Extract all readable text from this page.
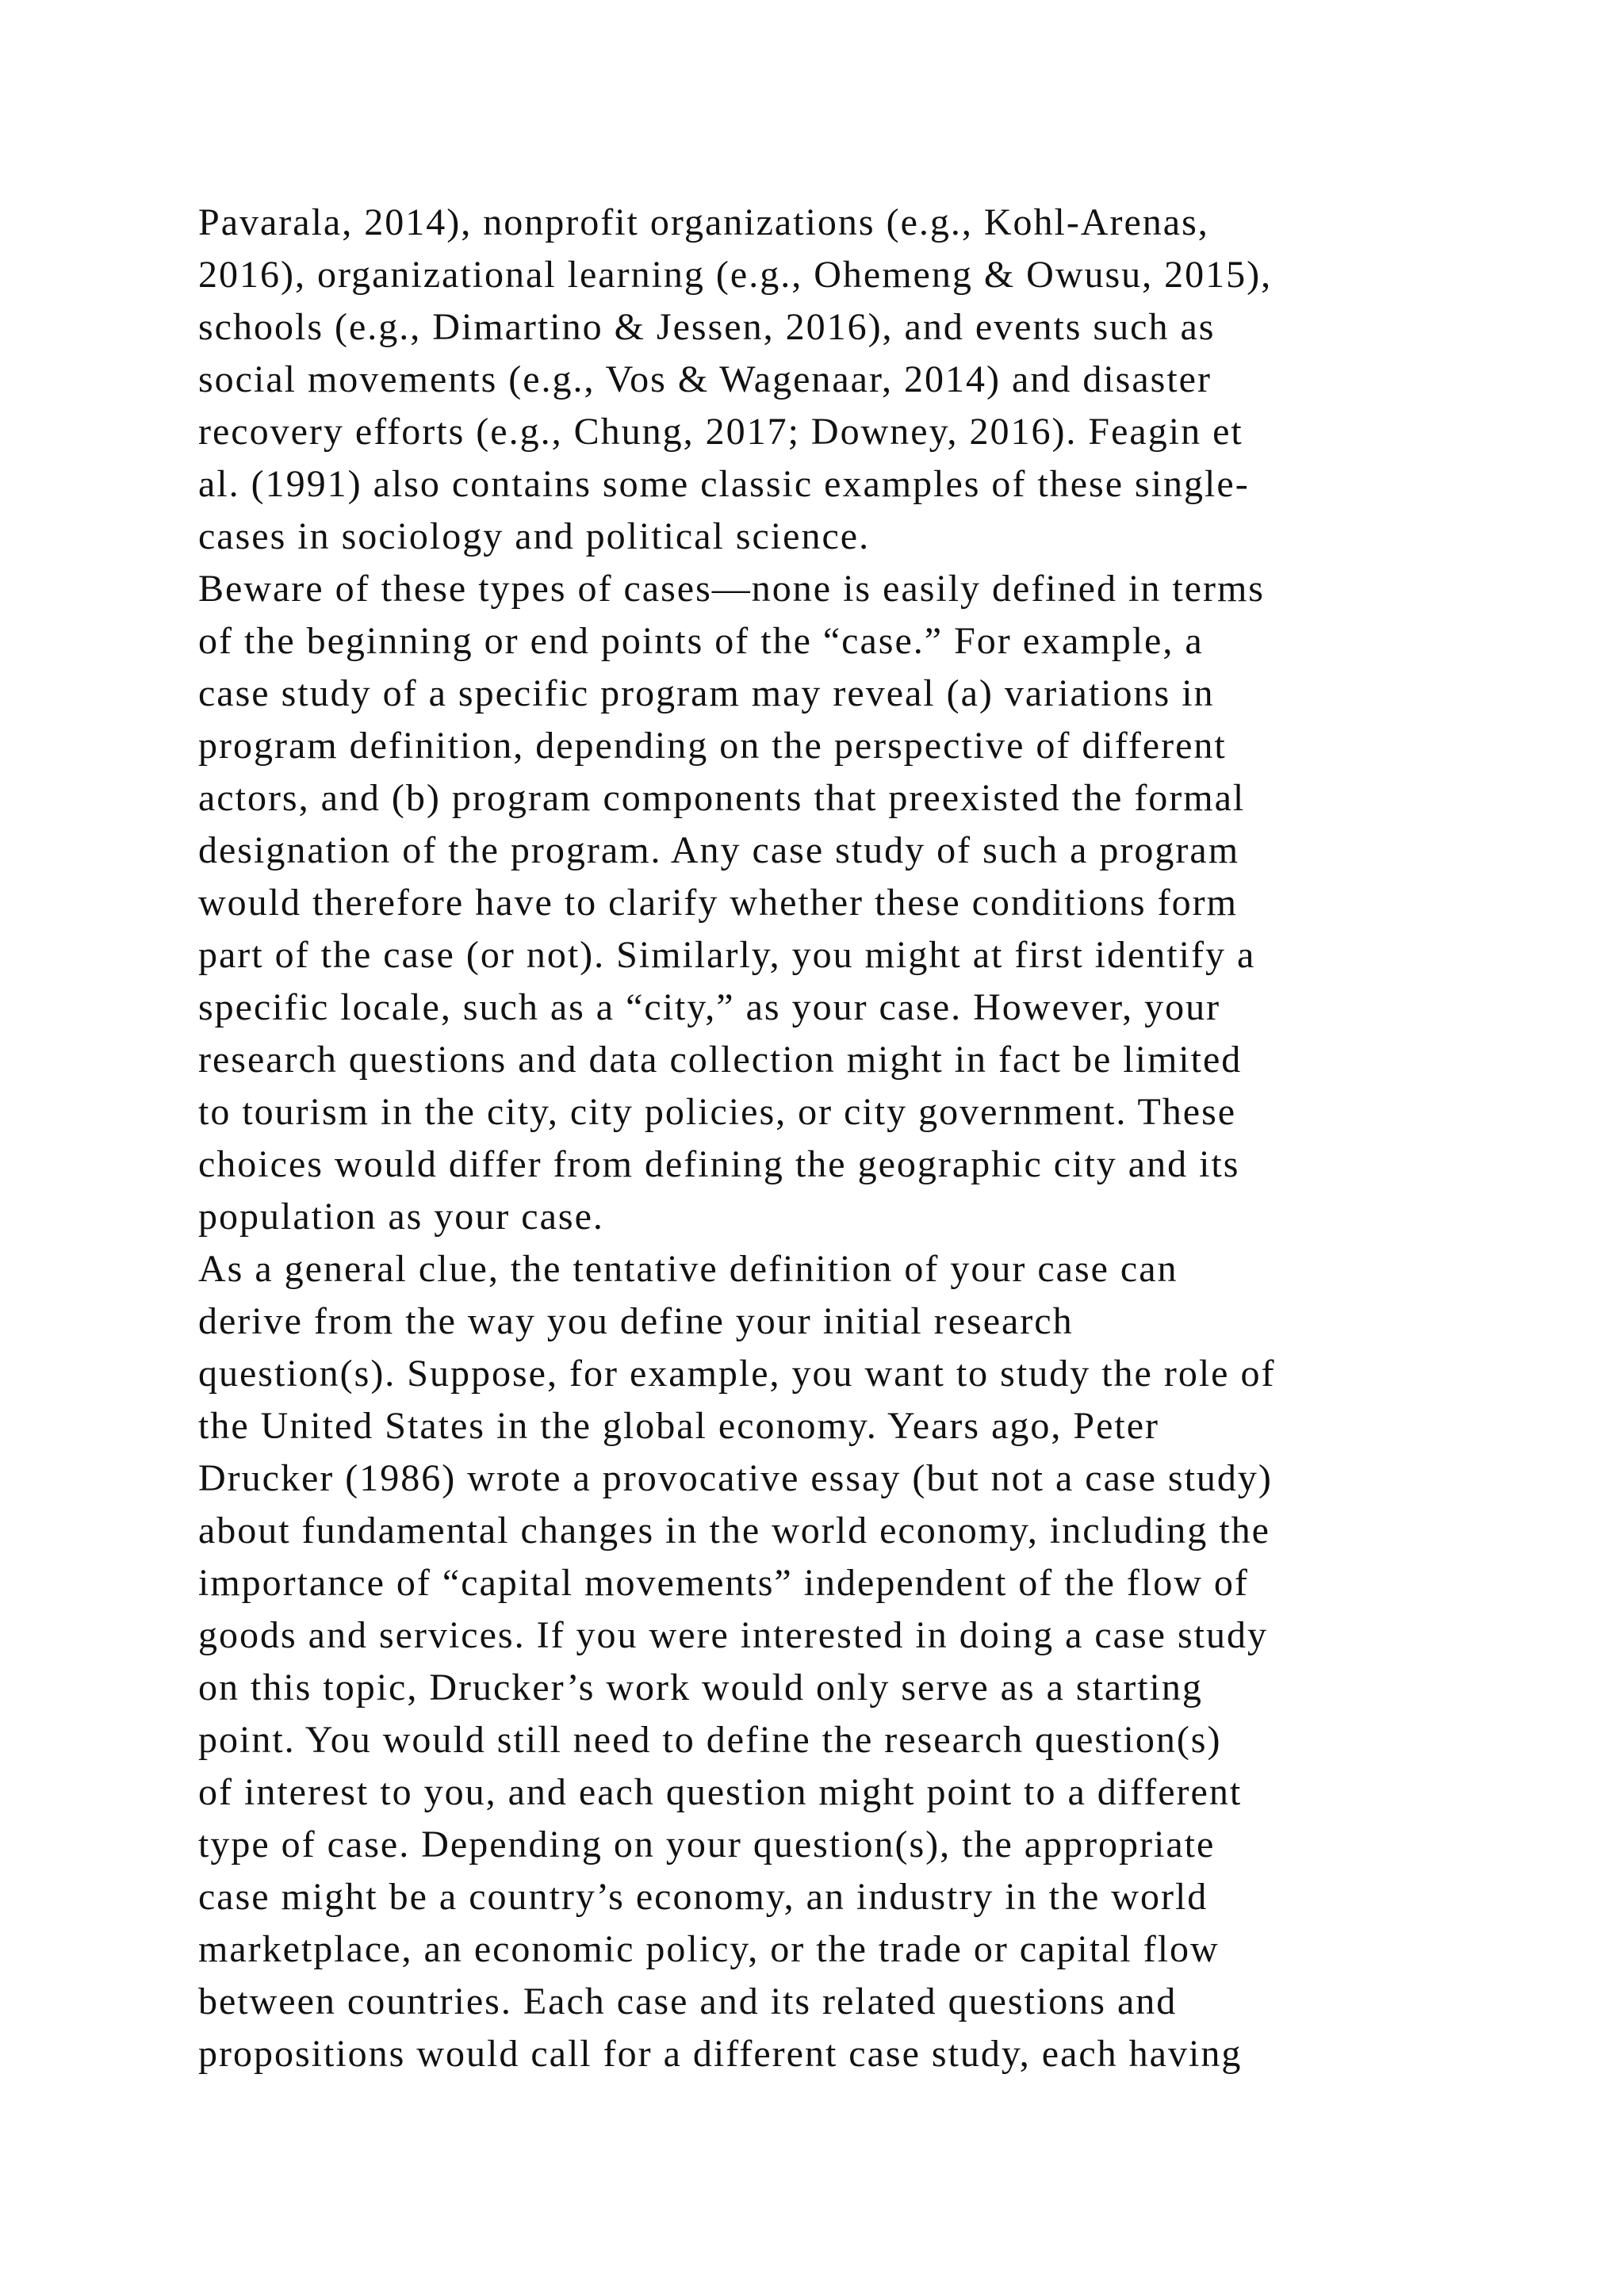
Pavarala, 2014), nonprofit organizations (e.g., Kohl-Arenas,
2016), organizational learning (e.g., Ohemeng & Owusu, 2015),
schools (e.g., Dimartino & Jessen, 2016), and events such as
social movements (e.g., Vos & Wagenaar, 2014) and disaster
recovery efforts (e.g., Chung, 2017; Downey, 2016). Feagin et
al. (1991) also contains some classic examples of these single-
cases in sociology and political science.
Beware of these types of cases—none is easily defined in terms
of the beginning or end points of the “case.” For example, a
case study of a specific program may reveal (a) variations in
program definition, depending on the perspective of different
actors, and (b) program components that preexisted the formal
designation of the program. Any case study of such a program
would therefore have to clarify whether these conditions form
part of the case (or not). Similarly, you might at first identify a
specific locale, such as a “city,” as your case. However, your
research questions and data collection might in fact be limited
to tourism in the city, city policies, or city government. These
choices would differ from defining the geographic city and its
population as your case.
As a general clue, the tentative definition of your case can
derive from the way you define your initial research
question(s). Suppose, for example, you want to study the role of
the United States in the global economy. Years ago, Peter
Drucker (1986) wrote a provocative essay (but not a case study)
about fundamental changes in the world economy, including the
importance of “capital movements” independent of the flow of
goods and services. If you were interested in doing a case study
on this topic, Drucker’s work would only serve as a starting
point. You would still need to define the research question(s)
of interest to you, and each question might point to a different
type of case. Depending on your question(s), the appropriate
case might be a country’s economy, an industry in the world
marketplace, an economic policy, or the trade or capital flow
between countries. Each case and its related questions and
propositions would call for a different case study, each having
